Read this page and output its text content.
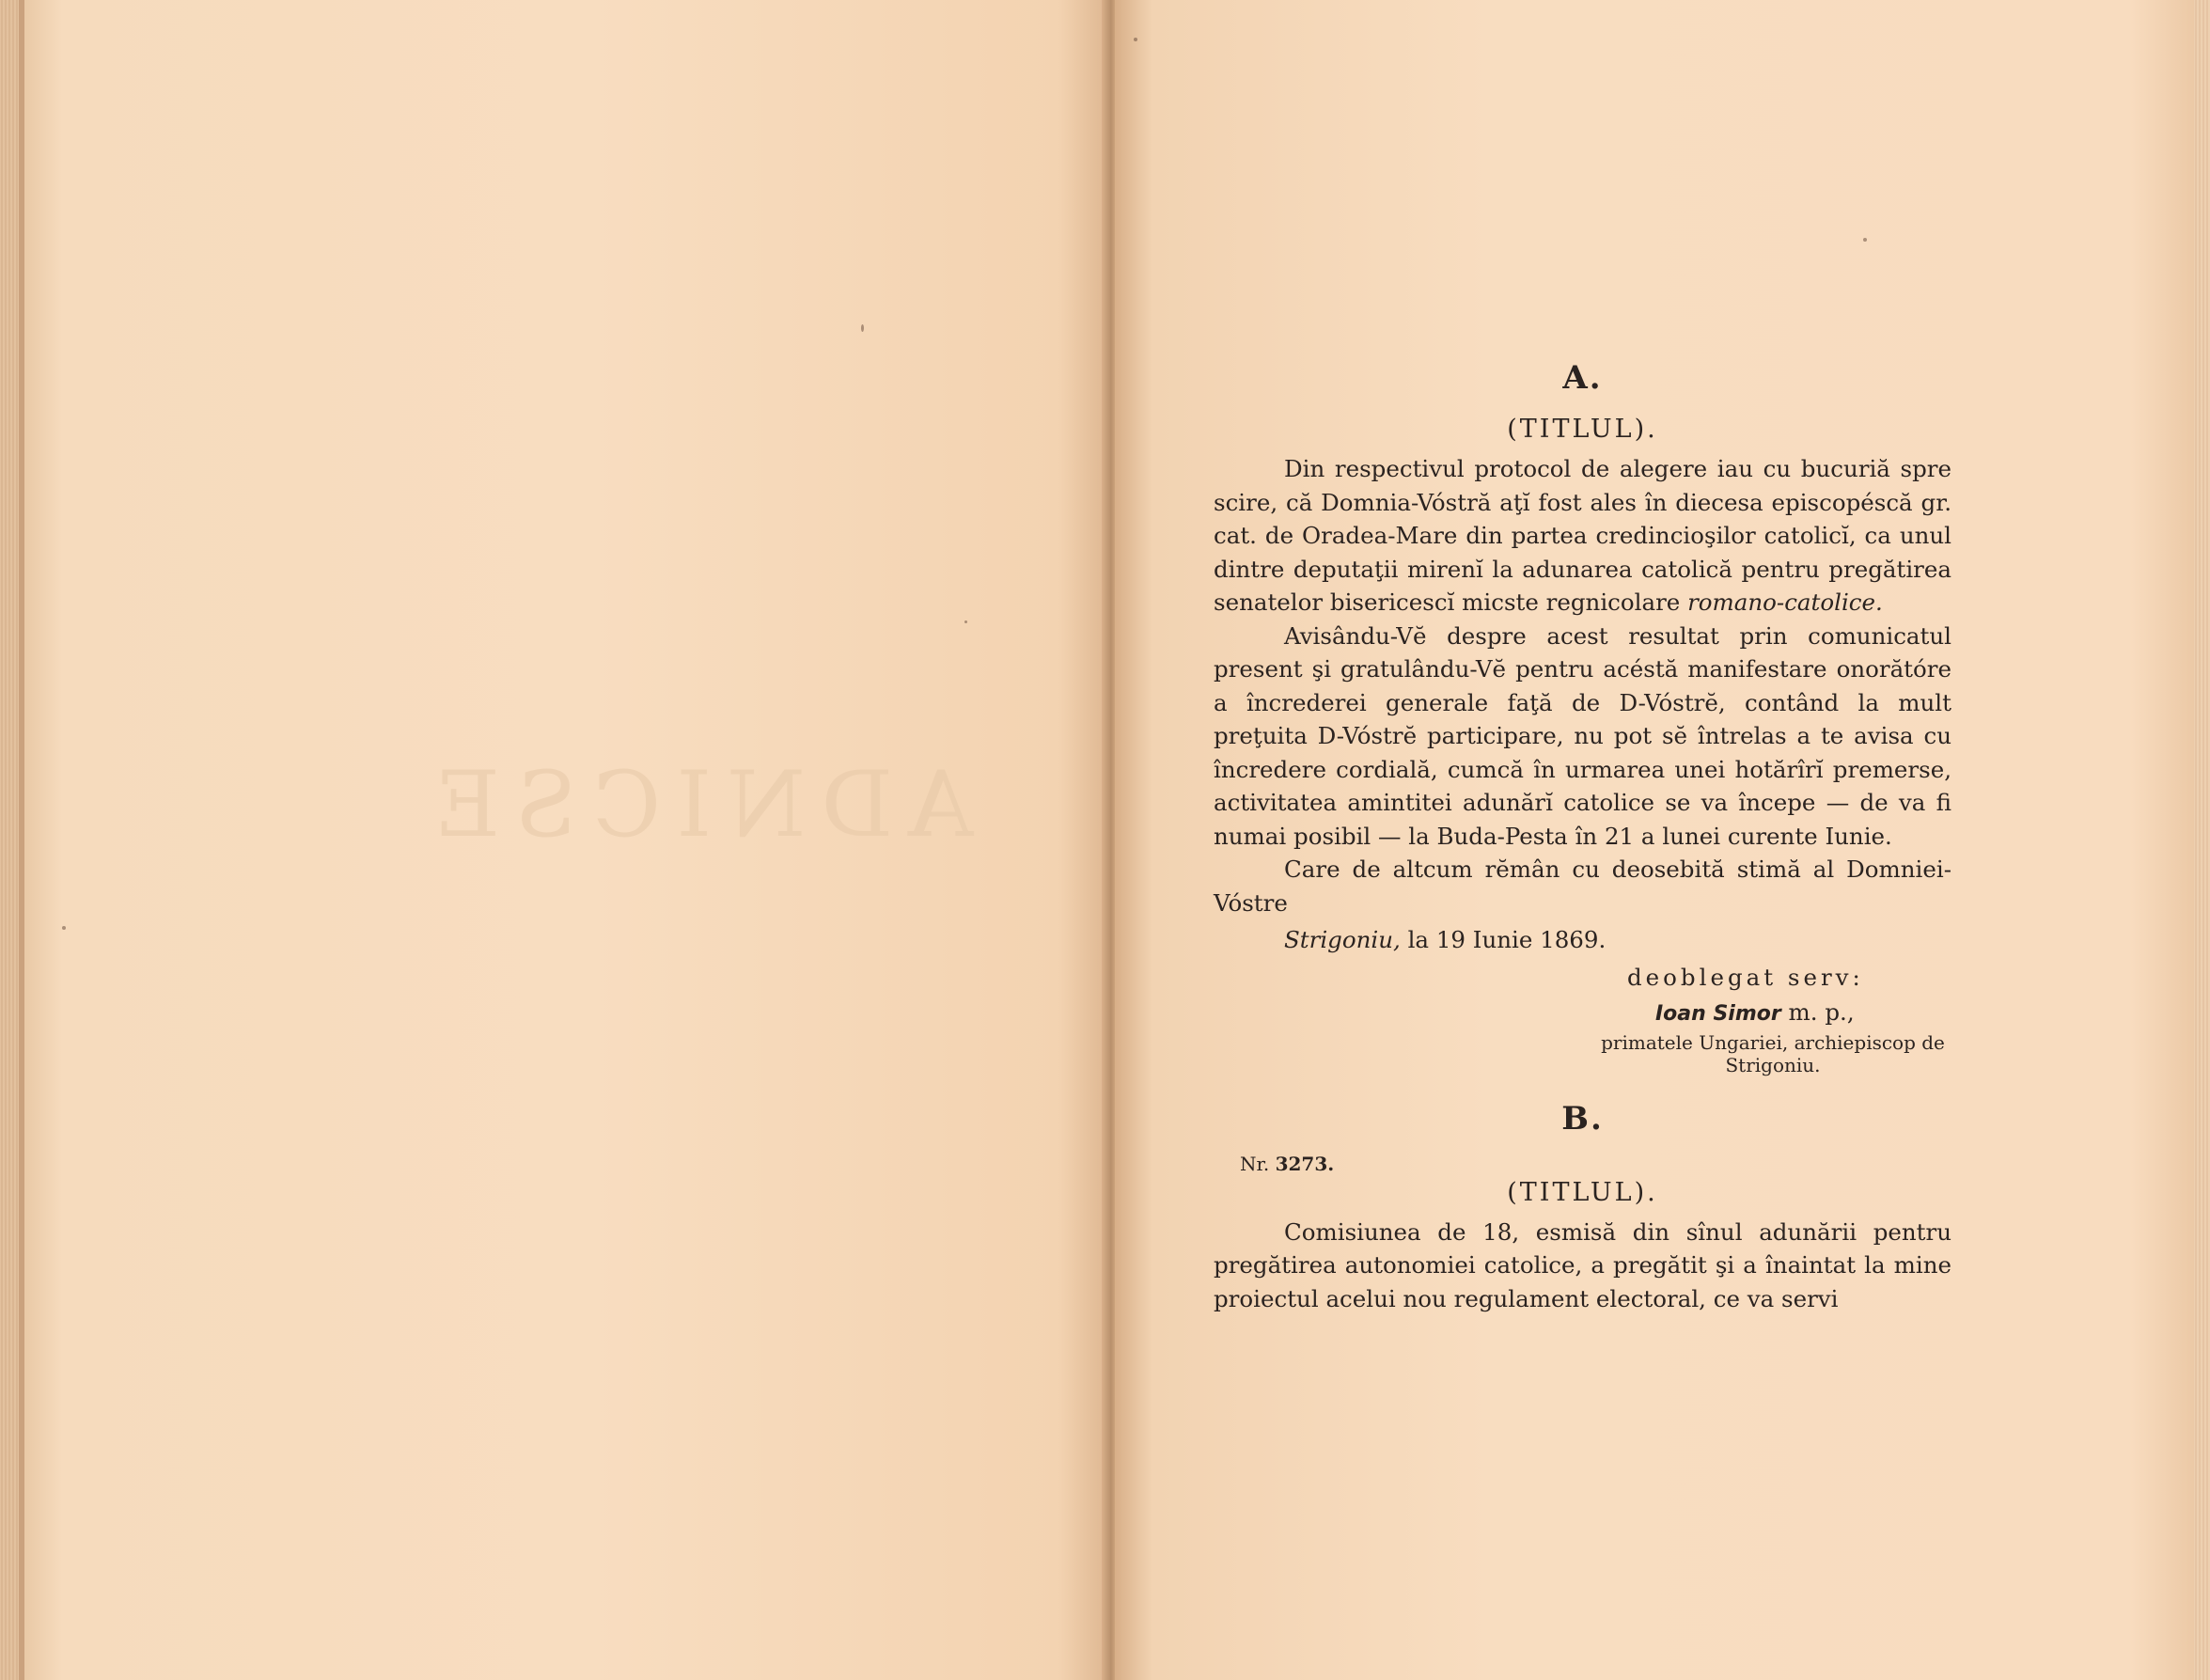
ADNICSE
A.
(TITLUL).

Din respectivul protocol de alegere iau cu bucuriă spre scire, că Domnia-Vóstră aţĭ fost ales în diecesa episcopéscă gr. cat. de Oradea-Mare din partea credincioşilor catolicĭ, ca unul dintre deputaţii mirenĭ la adunarea catolică pentru pregătirea senatelor bisericescĭ micste regnicolare romano-catolice.

Avisându-Vĕ despre acest resultat prin comunicatul present şi gratulându-Vĕ pentru acéstă manifestare onorătóre a încrederei generale faţă de D-Vóstrĕ, contând la mult preţuita D-Vóstrĕ participare, nu pot sĕ întrelas a te avisa cu încredere cordială, cumcă în urmarea unei hotărîrĭ premerse, activitatea amintitei adunărĭ catolice se va începe — de va fi numai posibil — la Buda-Pesta în 21 a lunei curente Iunie.

Care de altcum rĕmân cu deosebită stimă al Domniei-Vóstre

Strigoniu, la 19 Iunie 1869.

deoblegat serv:

Ioan Simor m. p.,

primatele Ungariei, archiepiscop de Strigoniu.

B.

Nr. 3273.

(TITLUL).

Comisiunea de 18, esmisă din sînul adunării pentru pregătirea autonomiei catolice, a pregătit şi a înaintat la mine proiectul acelui nou regulament electoral, ce va servi
